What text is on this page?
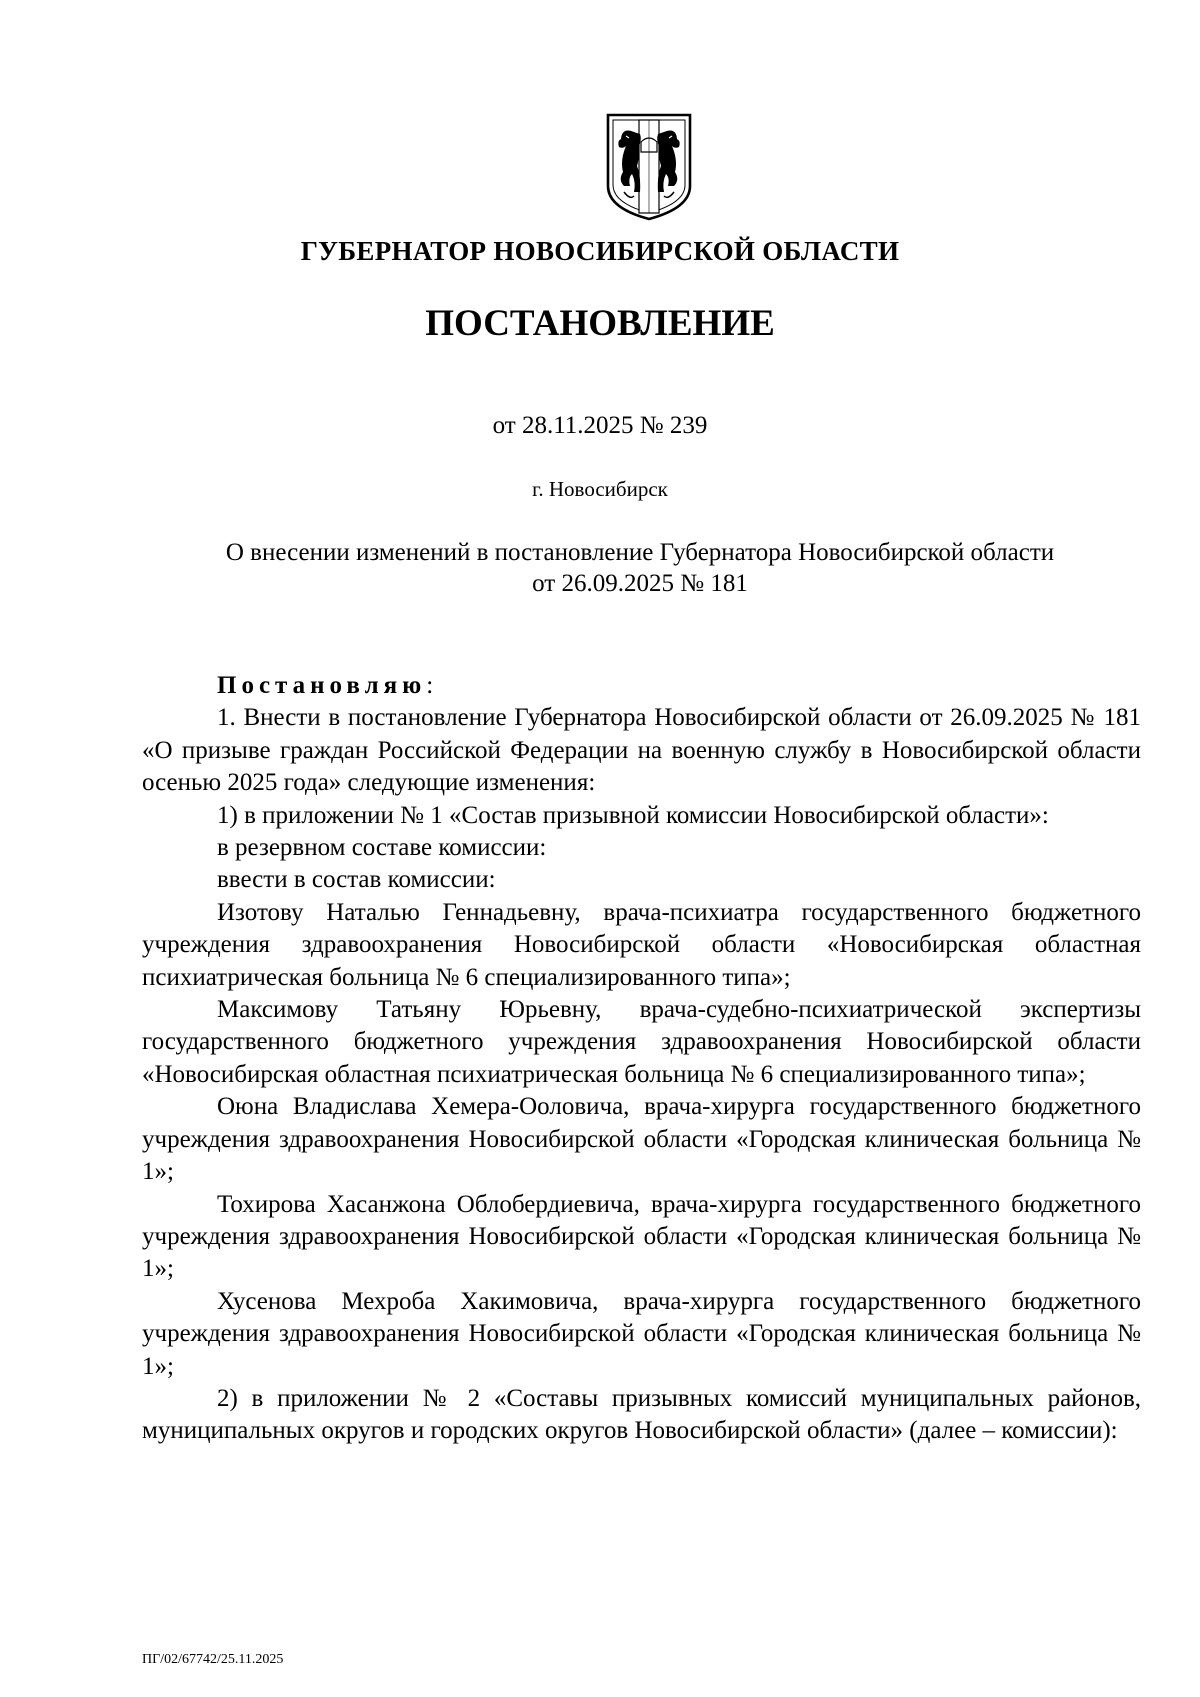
ГУБЕРНАТОР НОВОСИБИРСКОЙ ОБЛАСТИ
ПОСТАНОВЛЕНИЕ
от 28.11.2025 № 239
г. Новосибирск
О внесении изменений в постановление Губернатора Новосибирской области
от 26.09.2025 № 181

Постановляю:

1. Внести в постановление Губернатора Новосибирской области от 26.09.2025 № 181 «О призыве граждан Российской Федерации на военную службу в Новосибирской области осенью 2025 года» следующие изменения:

1) в приложении № 1 «Состав призывной комиссии Новосибирской области»:

в резервном составе комиссии:

ввести в состав комиссии:

Изотову Наталью Геннадьевну, врача-психиатра государственного бюджетного учреждения здравоохранения Новосибирской области «Новосибирская областная психиатрическая больница № 6 специализированного типа»;

Максимову Татьяну Юрьевну, врача-судебно-психиатрической экспертизы государственного бюджетного учреждения здравоохранения Новосибирской области «Новосибирская областная психиатрическая больница № 6 специализированного типа»;

Оюна Владислава Хемера-Ооловича, врача-хирурга государственного бюджетного учреждения здравоохранения Новосибирской области «Городская клиническая больница № 1»;

Тохирова Хасанжона Облобердиевича, врача-хирурга государственного бюджетного учреждения здравоохранения Новосибирской области «Городская клиническая больница № 1»;

Хусенова Мехроба Хакимовича, врача-хирурга государственного бюджетного учреждения здравоохранения Новосибирской области «Городская клиническая больница № 1»;

2) в приложении № 2 «Составы призывных комиссий муниципальных районов, муниципальных округов и городских округов Новосибирской области» (далее – комиссии):

ПГ/02/67742/25.11.2025
